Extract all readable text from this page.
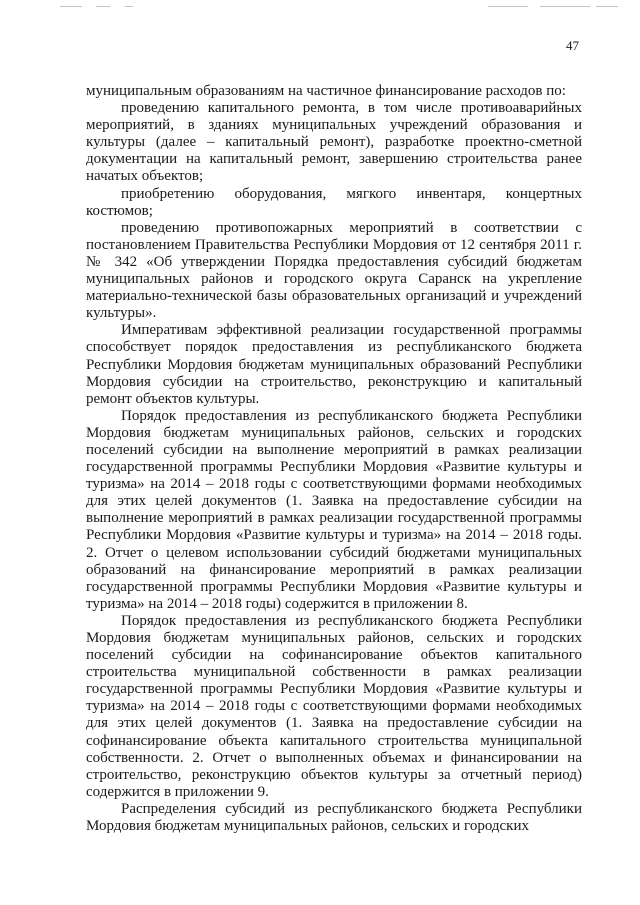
47

муниципальным образованиям на частичное финансирование расходов по:

проведению капитального ремонта, в том числе противоаварийных мероприятий, в зданиях муниципальных учреждений образования и культуры (далее – капитальный ремонт), разработке проектно-сметной документации на капитальный ремонт, завершению строительства ранее начатых объектов;

приобретению оборудования, мягкого инвентаря, концертных костюмов;

проведению противопожарных мероприятий в соответствии с постановлением Правительства Республики Мордовия от 12 сентября 2011 г. № 342 «Об утверждении Порядка предоставления субсидий бюджетам муниципальных районов и городского округа Саранск на укрепление материально-технической базы образовательных организаций и учреждений культуры».

Императивам эффективной реализации государственной программы способствует порядок предоставления из республиканского бюджета Республики Мордовия бюджетам муниципальных образований Республики Мордовия субсидии на строительство, реконструкцию и капитальный ремонт объектов культуры.

Порядок предоставления из республиканского бюджета Республики Мордовия бюджетам муниципальных районов, сельских и городских поселений субсидии на выполнение мероприятий в рамках реализации государственной программы Республики Мордовия «Развитие культуры и туризма» на 2014 – 2018 годы с соответствующими формами необходимых для этих целей документов (1. Заявка на предоставление субсидии на выполнение мероприятий в рамках реализации государственной программы Республики Мордовия «Развитие культуры и туризма» на 2014 – 2018 годы. 2. Отчет о целевом использовании субсидий бюджетами муниципальных образований на финансирование мероприятий в рамках реализации государственной программы Республики Мордовия «Развитие культуры и туризма» на 2014 – 2018 годы) содержится в приложении 8.

Порядок предоставления из республиканского бюджета Республики Мордовия бюджетам муниципальных районов, сельских и городских поселений субсидии на софинансирование объектов капитального строительства муниципальной собственности в рамках реализации государственной программы Республики Мордовия «Развитие культуры и туризма» на 2014 – 2018 годы с соответствующими формами необходимых для этих целей документов (1. Заявка на предоставление субсидии на софинансирование объекта капитального строительства муниципальной собственности. 2. Отчет о выполненных объемах и финансировании на строительство, реконструкцию объектов культуры за отчетный период) содержится в приложении 9.

Распределения субсидий из республиканского бюджета Республики Мордовия бюджетам муниципальных районов, сельских и городских
